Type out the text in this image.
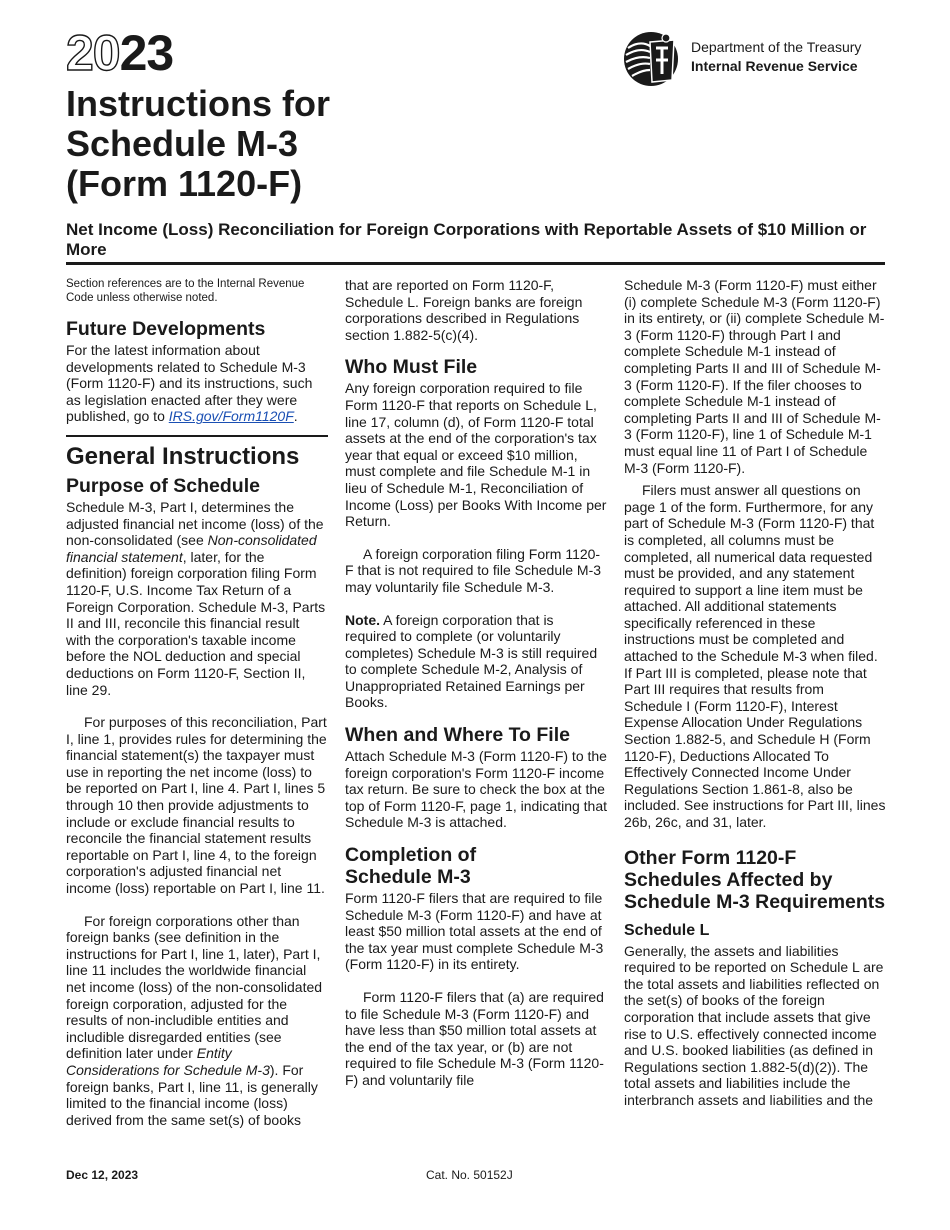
2023
Instructions for
Schedule M-3
(Form 1120-F)
Department of the Treasury
Internal Revenue Service
Net Income (Loss) Reconciliation for Foreign Corporations with Reportable Assets of $10 Million or More

Section references are to the Internal Revenue Code unless otherwise noted.

Future Developments

For the latest information about developments related to Schedule M-3 (Form 1120-F) and its instructions, such as legislation enacted after they were published, go to IRS.gov/Form1120F.

General Instructions
Purpose of Schedule

Schedule M-3, Part I, determines the adjusted financial net income (loss) of the non-consolidated (see Non-consolidated financial statement, later, for the definition) foreign corporation filing Form 1120-F, U.S. Income Tax Return of a Foreign Corporation. Schedule M-3, Parts II and III, reconcile this financial result with the corporation's taxable income before the NOL deduction and special deductions on Form 1120-F, Section II, line 29.

For purposes of this reconciliation, Part I, line 1, provides rules for determining the financial statement(s) the taxpayer must use in reporting the net income (loss) to be reported on Part I, line 4. Part I, lines 5 through 10 then provide adjustments to include or exclude financial results to reconcile the financial statement results reportable on Part I, line 4, to the foreign corporation's adjusted financial net income (loss) reportable on Part I, line 11.

For foreign corporations other than foreign banks (see definition in the instructions for Part I, line 1, later), Part I, line 11 includes the worldwide financial net income (loss) of the non-consolidated foreign corporation, adjusted for the results of non-includible entities and includible disregarded entities (see definition later under Entity Considerations for Schedule M-3). For foreign banks, Part I, line 11, is generally limited to the financial income (loss) derived from the same set(s) of books

that are reported on Form 1120-F, Schedule L. Foreign banks are foreign corporations described in Regulations section 1.882-5(c)(4).

Who Must File

Any foreign corporation required to file Form 1120-F that reports on Schedule L, line 17, column (d), of Form 1120-F total assets at the end of the corporation's tax year that equal or exceed $10 million, must complete and file Schedule M-1 in lieu of Schedule M-1, Reconciliation of Income (Loss) per Books With Income per Return.

A foreign corporation filing Form 1120-F that is not required to file Schedule M-3 may voluntarily file Schedule M-3.

Note. A foreign corporation that is required to complete (or voluntarily completes) Schedule M-3 is still required to complete Schedule M-2, Analysis of Unappropriated Retained Earnings per Books.

When and Where To File

Attach Schedule M-3 (Form 1120-F) to the foreign corporation's Form 1120-F income tax return. Be sure to check the box at the top of Form 1120-F, page 1, indicating that Schedule M-3 is attached.

Completion of
Schedule M-3

Form 1120-F filers that are required to file Schedule M-3 (Form 1120-F) and have at least $50 million total assets at the end of the tax year must complete Schedule M-3 (Form 1120-F) in its entirety.

Form 1120-F filers that (a) are required to file Schedule M-3 (Form 1120-F) and have less than $50 million total assets at the end of the tax year, or (b) are not required to file Schedule M-3 (Form 1120-F) and voluntarily file

Schedule M-3 (Form 1120-F) must either (i) complete Schedule M-3 (Form 1120-F) in its entirety, or (ii) complete Schedule M-3 (Form 1120-F) through Part I and complete Schedule M-1 instead of completing Parts II and III of Schedule M-3 (Form 1120-F). If the filer chooses to complete Schedule M-1 instead of completing Parts II and III of Schedule M-3 (Form 1120-F), line 1 of Schedule M-1 must equal line 11 of Part I of Schedule M-3 (Form 1120-F).

Filers must answer all questions on page 1 of the form. Furthermore, for any part of Schedule M-3 (Form 1120-F) that is completed, all columns must be completed, all numerical data requested must be provided, and any statement required to support a line item must be attached. All additional statements specifically referenced in these instructions must be completed and attached to the Schedule M-3 when filed. If Part III is completed, please note that Part III requires that results from Schedule I (Form 1120-F), Interest Expense Allocation Under Regulations Section 1.882-5, and Schedule H (Form 1120-F), Deductions Allocated To Effectively Connected Income Under Regulations Section 1.861-8, also be included. See instructions for Part III, lines 26b, 26c, and 31, later.

Other Form 1120-F Schedules Affected by Schedule M-3 Requirements
Schedule L

Generally, the assets and liabilities required to be reported on Schedule L are the total assets and liabilities reflected on the set(s) of books of the foreign corporation that include assets that give rise to U.S. effectively connected income and U.S. booked liabilities (as defined in Regulations section 1.882-5(d)(2)). The total assets and liabilities include the interbranch assets and liabilities and the

Dec 12, 2023	Cat. No. 50152J
